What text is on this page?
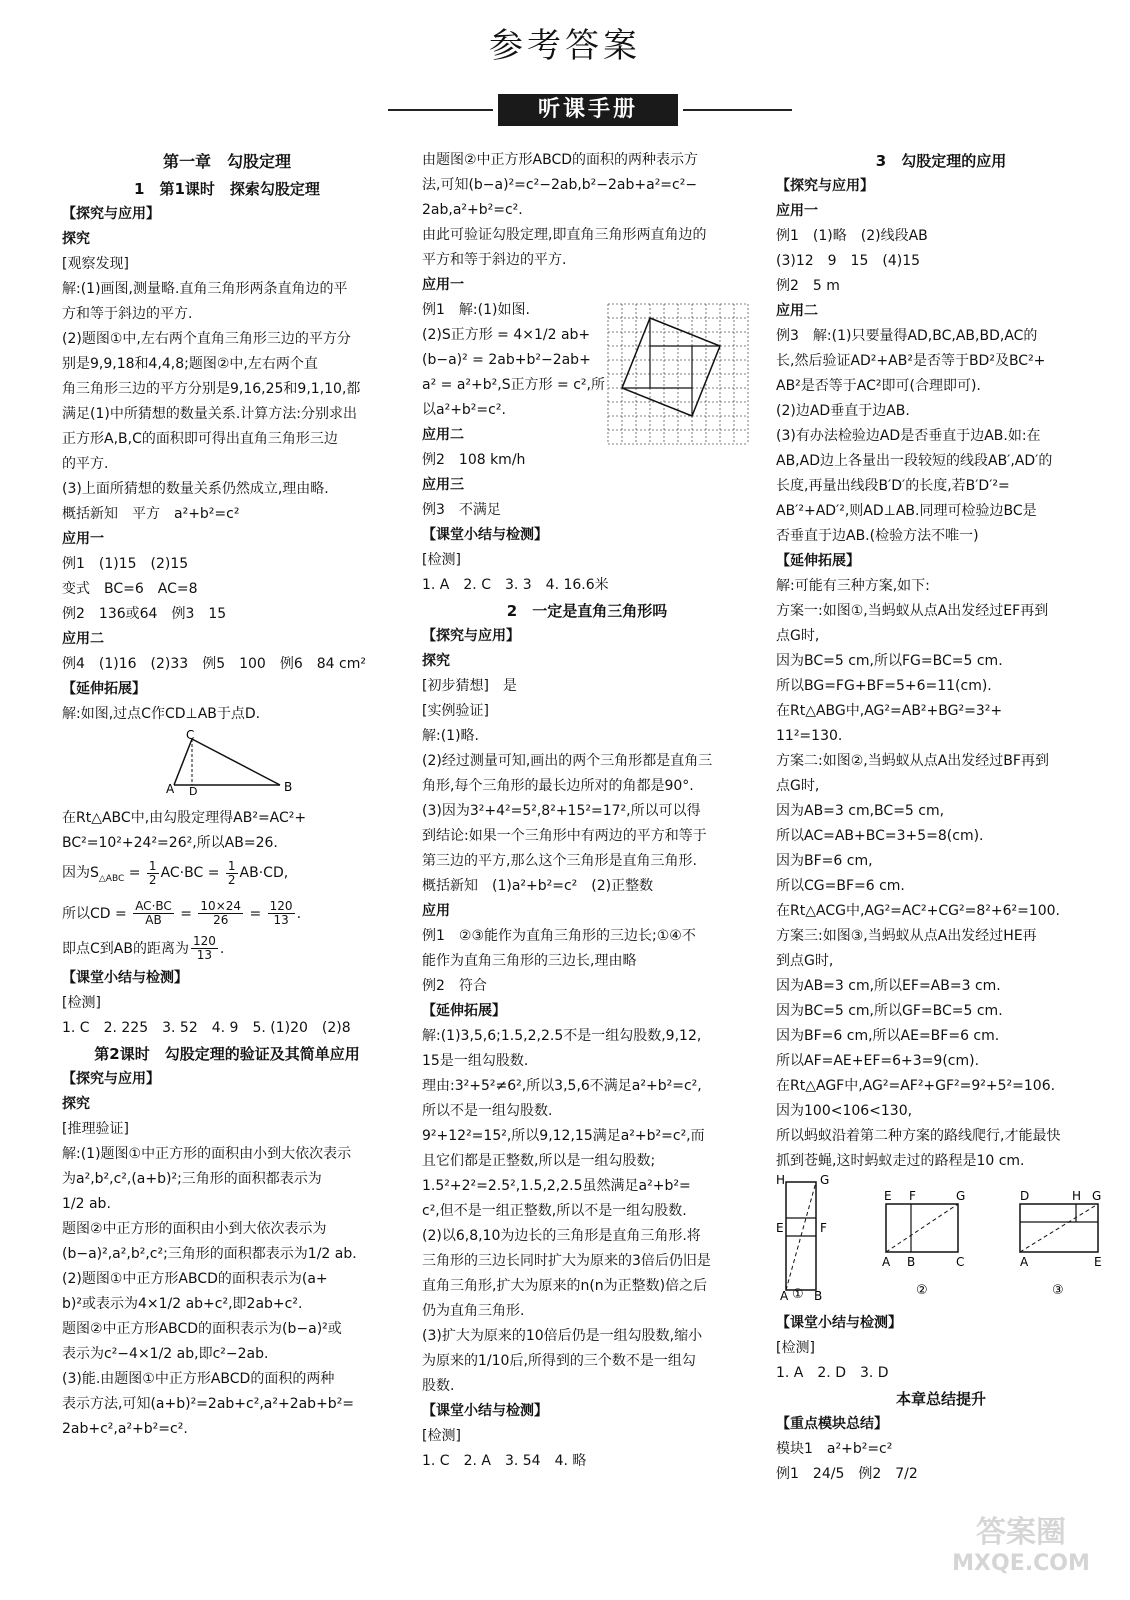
参考答案
听课手册

第一章　勾股定理

1　第1课时　探索勾股定理

【探究与应用】

探究

[观察发现]

解:(1)画图,测量略.直角三角形两条直角边的平

方和等于斜边的平方.

(2)题图①中,左右两个直角三角形三边的平方分

别是9,9,18和4,4,8;题图②中,左右两个直

角三角形三边的平方分别是9,16,25和9,1,10,都

满足(1)中所猜想的数量关系.计算方法:分别求出

正方形A,B,C的面积即可得出直角三角形三边

的平方.

(3)上面所猜想的数量关系仍然成立,理由略.

概括新知　平方　a²+b²=c²

应用一

例1　(1)15　(2)15

变式　BC=6　AC=8

例2　136或64　例3　15

应用二

例4　(1)16　(2)33　例5　100　例6　84 cm²

【延伸拓展】

解:如图,过点C作CD⊥AB于点D.

C
A D	B

在Rt△ABC中,由勾股定理得AB²=AC²+

BC²=10²+24²=26²,所以AB=26.

因为$S_{\triangle ABC} = \frac{1}{2} AC\cdot BC = \frac{1}{2} AB\cdot CD$,

所以CD = $\frac{AC\cdot BC}{AB} = \frac{10\times 24}{26} = \frac{120}{13}$ .

即点C到AB的距离为 $\frac{120}{13}$ .

【课堂小结与检测】

[检测]

1. C　2. 225　3. 52　4. 9　5. (1)20　(2)8

第2课时　勾股定理的验证及其简单应用

【探究与应用】

探究

[推理验证]

解:(1)题图①中正方形的面积由小到大依次表示

为a²,b²,c²,(a+b)²;三角形的面积都表示为

1/2 ab.

题图②中正方形的面积由小到大依次表示为

(b−a)²,a²,b²,c²;三角形的面积都表示为1/2 ab.

(2)题图①中正方形ABCD的面积表示为(a+

b)²或表示为4×1/2 ab+c²,即2ab+c².

题图②中正方形ABCD的面积表示为(b−a)²或

表示为c²−4×1/2 ab,即c²−2ab.

(3)能.由题图①中正方形ABCD的面积的两种

表示方法,可知(a+b)²=2ab+c²,a²+2ab+b²=

2ab+c²,a²+b²=c².

由题图②中正方形ABCD的面积的两种表示方

法,可知(b−a)²=c²−2ab,b²−2ab+a²=c²−

2ab,a²+b²=c².

由此可验证勾股定理,即直角三角形两直角边的

平方和等于斜边的平方.

应用一

例1　解:(1)如图.

(2)S正方形 = 4×1/2 ab+

(b−a)² = 2ab+b²−2ab+

a² = a²+b²,S正方形 = c²,所

以a²+b²=c².

应用二

例2　108 km/h

应用三

例3　不满足

【课堂小结与检测】

[检测]

1. A　2. C　3. 3　4. 16.6米

2　一定是直角三角形吗

【探究与应用】

探究

[初步猜想]　是

[实例验证]

解:(1)略.

(2)经过测量可知,画出的两个三角形都是直角三

角形,每个三角形的最长边所对的角都是90°.

(3)因为3²+4²=5²,8²+15²=17²,所以可以得

到结论:如果一个三角形中有两边的平方和等于

第三边的平方,那么这个三角形是直角三角形.

概括新知　(1)a²+b²=c²　(2)正整数

应用

例1　②③能作为直角三角形的三边长;①④不

能作为直角三角形的三边长,理由略

例2　符合

【延伸拓展】

解:(1)3,5,6;1.5,2,2.5不是一组勾股数,9,12,

15是一组勾股数.

理由:3²+5²≠6²,所以3,5,6不满足a²+b²=c²,

所以不是一组勾股数.

9²+12²=15²,所以9,12,15满足a²+b²=c²,而

且它们都是正整数,所以是一组勾股数;

1.5²+2²=2.5²,1.5,2,2.5虽然满足a²+b²=

c²,但不是一组正整数,所以不是一组勾股数.

(2)以6,8,10为边长的三角形是直角三角形.将

三角形的三边长同时扩大为原来的3倍后仍旧是

直角三角形,扩大为原来的n(n为正整数)倍之后

仍为直角三角形.

(3)扩大为原来的10倍后仍是一组勾股数,缩小

为原来的1/10后,所得到的三个数不是一组勾

股数.

【课堂小结与检测】

[检测]

1. C　2. A　3. 54　4. 略

3　勾股定理的应用

【探究与应用】

应用一

例1　(1)略　(2)线段AB

(3)12　9　15　(4)15

例2　5 m

应用二

例3　解:(1)只要量得AD,BC,AB,BD,AC的

长,然后验证AD²+AB²是否等于BD²及BC²+

AB²是否等于AC²即可(合理即可).

(2)边AD垂直于边AB.

(3)有办法检验边AD是否垂直于边AB.如:在

AB,AD边上各量出一段较短的线段AB′,AD′的

长度,再量出线段B′D′的长度,若B′D′²=

AB′²+AD′²,则AD⊥AB.同理可检验边BC是

否垂直于边AB.(检验方法不唯一)

【延伸拓展】

解:可能有三种方案,如下:

方案一:如图①,当蚂蚁从点A出发经过EF再到

点G时,

因为BC=5 cm,所以FG=BC=5 cm.

所以BG=FG+BF=5+6=11(cm).

在Rt△ABG中,AG²=AB²+BG²=3²+

11²=130.

方案二:如图②,当蚂蚁从点A出发经过BF再到

点G时,

因为AB=3 cm,BC=5 cm,

所以AC=AB+BC=3+5=8(cm).

因为BF=6 cm,

所以CG=BF=6 cm.

在Rt△ACG中,AG²=AC²+CG²=8²+6²=100.

方案三:如图③,当蚂蚁从点A出发经过HE再

到点G时,

因为AB=3 cm,所以EF=AB=3 cm.

因为BC=5 cm,所以GF=BC=5 cm.

因为BF=6 cm,所以AE=BF=6 cm.

所以AF=AE+EF=6+3=9(cm).

在Rt△AGF中,AG²=AF²+GF²=9²+5²=106.

因为100<106<130,

所以蚂蚁沿着第二种方案的路线爬行,才能最快

抓到苍蝇,这时蚂蚁走过的路程是10 cm.

H	G
E	F
A B
E F	G
A B	C
D	H G
A	E
①	②	③

【课堂小结与检测】

[检测]

1. A　2. D　3. D

本章总结提升

【重点模块总结】

模块1　a²+b²=c²

例1　24/5　例2　7/2

答案圈
MXQE.COM
